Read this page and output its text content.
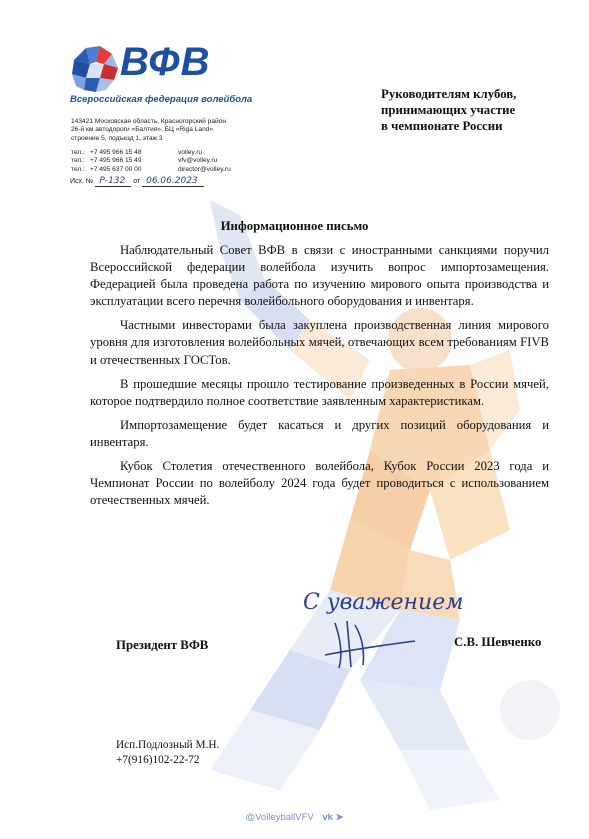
ВФВ
Всероссийская федерация волейбола
143421 Московская область, Красногорский район
26-й км автодороги «Балтия», БЦ «Riga Land»
строение 5, подъезд 1, этаж 3
тел.: +7 495 966 15 48	volley.ru
тел.: +7 495 966 15 49	vfv@volley.ru
тел.: +7 495 637 00 00	director@volley.ru
Исх. № Р-132 от 06.06.2023
Руководителям клубов,
принимающих участие
в чемпионате России
Информационное письмо

Наблюдательный Совет ВФВ в связи с иностранными санкциями поручил Всероссийской федерации волейбола изучить вопрос импортозамещения. Федерацией была проведена работа по изучению мирового опыта производства и эксплуатации всего перечня волейбольного оборудования и инвентаря.

Частными инвесторами была закуплена производственная линия мирового уровня для изготовления волейбольных мячей, отвечающих всем требованиям FIVB и отечественных ГОСТов.

В прошедшие месяцы прошло тестирование произведенных в России мячей, которое подтвердило полное соответствие заявленным характеристикам.

Импортозамещение будет касаться и других позиций оборудования и инвентаря.

Кубок Столетия отечественного волейбола, Кубок России 2023 года и Чемпионат России по волейболу 2024 года будет проводиться с использованием отечественных мячей.

С уважением
Президент ВФВ	С.В. Шевченко
Исп.Подлозный М.Н.
+7(916)102-22-72
@VolleyballVFV vk ➤
